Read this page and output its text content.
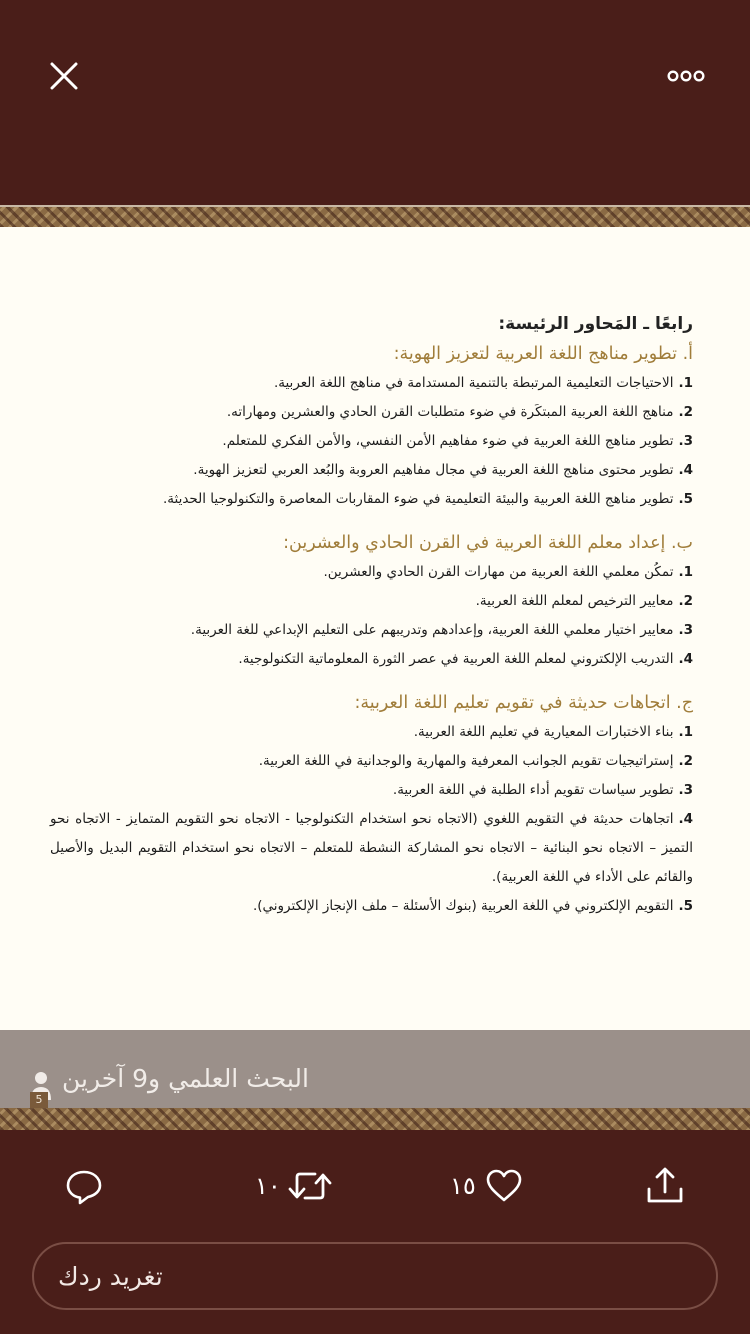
رابعًا ـ المَحاور الرئيسة:
أ. تطوير مناهج اللغة العربية لتعزيز الهوية:
1.الاحتياجات التعليمية المرتبطة بالتنمية المستدامة في مناهج اللغة العربية.
2.مناهج اللغة العربية المبتكَرة في ضوء متطلبات القرن الحادي والعشرين ومهاراته.
3.تطوير مناهج اللغة العربية في ضوء مفاهيم الأمن النفسي، والأمن الفكري للمتعلم.
4.تطوير محتوى مناهج اللغة العربية في مجال مفاهيم العروبة والبُعد العربي لتعزيز الهوية.
5.تطوير مناهج اللغة العربية والبيئة التعليمية في ضوء المقاربات المعاصرة والتكنولوجيا الحديثة.
ب. إعداد معلم اللغة العربية في القرن الحادي والعشرين:
1.تمكُن معلمي اللغة العربية من مهارات القرن الحادي والعشرين.
2.معايير الترخيص لمعلم اللغة العربية.
3.معايير اختيار معلمي اللغة العربية، وإعدادهم وتدريبهم على التعليم الإبداعي للغة العربية.
4.التدريب الإلكتروني لمعلم اللغة العربية في عصر الثورة المعلوماتية التكنولوجية.
ج. اتجاهات حديثة في تقويم تعليم اللغة العربية:
1.بناء الاختبارات المعيارية في تعليم اللغة العربية.
2.إستراتيجيات تقويم الجوانب المعرفية والمهارية والوجدانية في اللغة العربية.
3.تطوير سياسات تقويم أداء الطلبة في اللغة العربية.
4.اتجاهات حديثة في التقويم اللغوي (الاتجاه نحو استخدام التكنولوجيا - الاتجاه نحو التقويم المتمايز - الاتجاه نحو التميز – الاتجاه نحو البنائية – الاتجاه نحو المشاركة النشطة للمتعلم – الاتجاه نحو استخدام التقويم البديل والأصيل والقائم على الأداء في اللغة العربية).
5.التقويم الإلكتروني في اللغة العربية (بنوك الأسئلة – ملف الإنجاز الإلكتروني).
5
البحث العلمي و9 آخرين
١٠	١٥
تغريد ردك
